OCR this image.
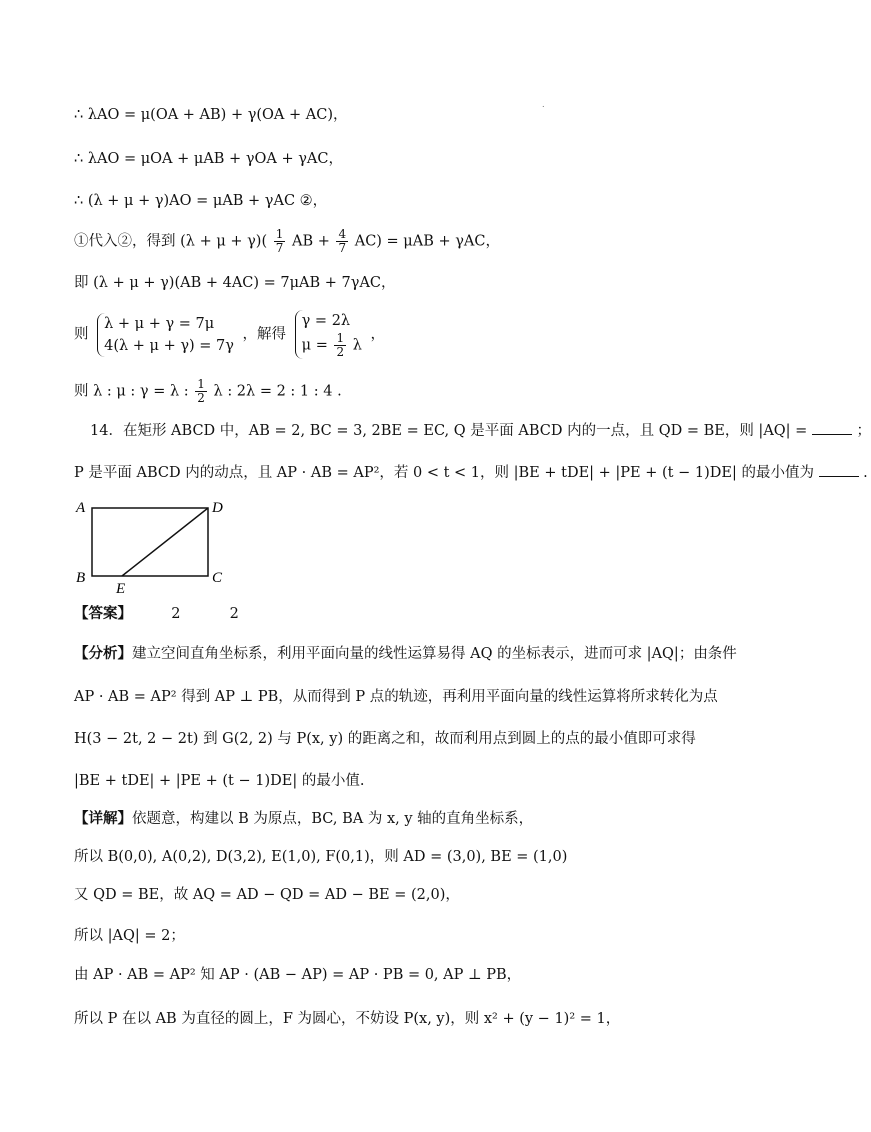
.
∴ λAO = μ(OA + AB) + γ(OA + AC)，
∴ λAO = μOA + μAB + γOA + γAC，
∴ (λ + μ + γ)AO = μAB + γAC ②，
①代入②，得到 $(\lambda + \mu + \gamma)( \frac{1}{7}$ AB + $\frac{4}{7} AC) = \mu AB + \gamma AC$，
即 (λ + μ + γ)(AB + 4AC) = 7μAB + 7γAC，
则
λ + μ + γ = 7μ
4(λ + μ + γ) = 7γ
，解得
γ = 2λ
$\mu = \frac{1}{2}$ λ
，
则 λ : μ : γ = λ : $\frac{1}{2}$ λ : 2λ = 2 : 1 : 4 .
14．在矩形 ABCD 中，AB = 2, BC = 3, 2BE = EC, Q 是平面 ABCD 内的一点，且 QD = BE，则 |AQ| =	；
P 是平面 ABCD 内的动点，且 AP · AB = AP²，若 0 < t < 1，则 |BE + tDE| + |PE + (t − 1)DE| 的最小值为	.
A	D
B	C
E
【答案】	2	2
【分析】建立空间直角坐标系，利用平面向量的线性运算易得 AQ 的坐标表示，进而可求 |AQ|；由条件
AP · AB = AP² 得到 AP ⊥ PB，从而得到 P 点的轨迹，再利用平面向量的线性运算将所求转化为点
H(3 − 2t, 2 − 2t) 到 G(2, 2) 与 P(x, y) 的距离之和，故而利用点到圆上的点的最小值即可求得
|BE + tDE| + |PE + (t − 1)DE| 的最小值.
【详解】依题意，构建以 B 为原点，BC, BA 为 x, y 轴的直角坐标系，
所以 B(0,0), A(0,2), D(3,2), E(1,0), F(0,1)，则 AD = (3,0), BE = (1,0)
又 QD = BE，故 AQ = AD − QD = AD − BE = (2,0)，
所以 |AQ| = 2；
由 AP · AB = AP² 知 AP · (AB − AP) = AP · PB = 0, AP ⊥ PB，
所以 P 在以 AB 为直径的圆上，F 为圆心，不妨设 P(x, y)，则 x² + (y − 1)² = 1，
